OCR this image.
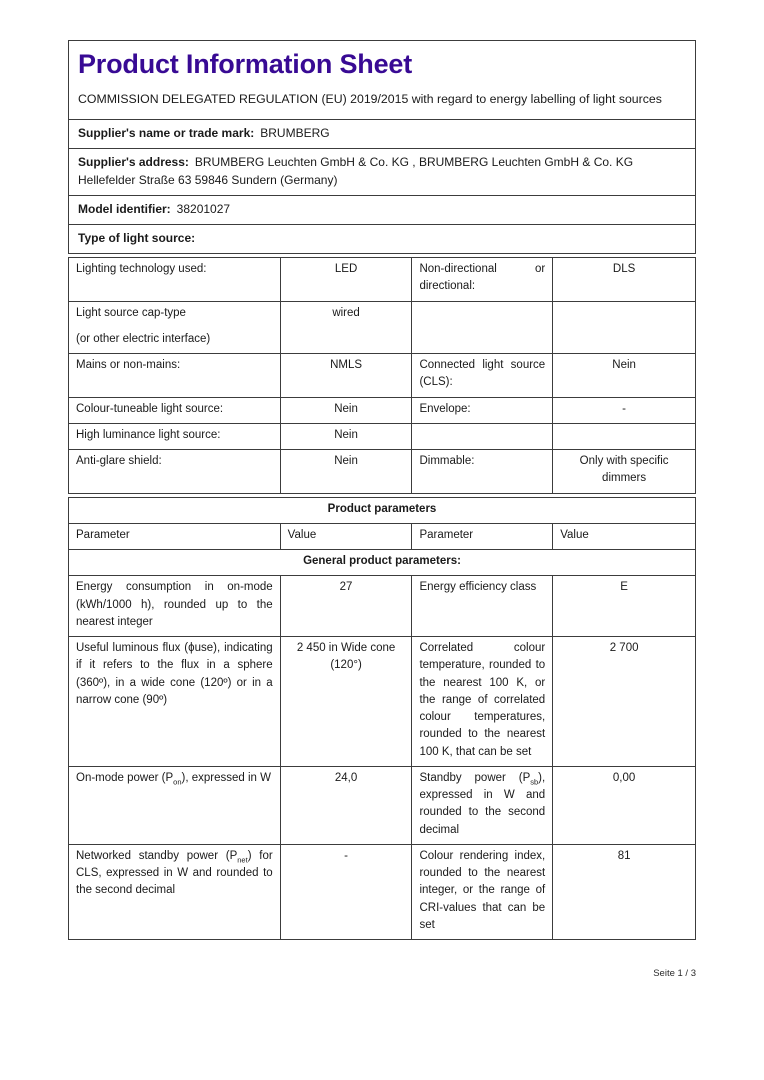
Product Information Sheet

COMMISSION DELEGATED REGULATION (EU) 2019/2015 with regard to energy labelling of light sources

Supplier's name or trade mark: BRUMBERG
Supplier's address: BRUMBERG Leuchten GmbH & Co. KG , BRUMBERG Leuchten GmbH & Co. KG Hellefelder Straße 63 59846 Sundern (Germany)
Model identifier: 38201027
Type of light source:
Lighting technology used:	LED	Non-directional or directional:	DLS
Light source cap-type
(or other electric interface)	wired		
Mains or non-mains:	NMLS	Connected light source (CLS):	Nein
Colour-tuneable light source:	Nein	Envelope:	-
High luminance light source:	Nein		
Anti-glare shield:	Nein	Dimmable:	Only with specific dimmers
Product parameters			
Parameter	Value	Parameter	Value
General product parameters:			
Energy consumption in on-mode (kWh/1000 h), rounded up to the nearest integer	27	Energy efficiency class	E
Useful luminous flux (ϕuse), indicating if it refers to the flux in a sphere (360º), in a wide cone (120º) or in a narrow cone (90º)	2 450 in Wide cone (120°)	Correlated colour temperature, rounded to the nearest 100 K, or the range of correlated colour temperatures, rounded to the nearest 100 K, that can be set	2 700
On-mode power $(P_{on})$, expressed in W	24,0	Standby power $(P_{sb})$, expressed in W and rounded to the second decimal	0,00
Networked standby power $(P_{net})$ for CLS, expressed in W and rounded to the second decimal	-	Colour rendering index, rounded to the nearest integer, or the range of CRI-values that can be set	81
Seite 1 / 3
